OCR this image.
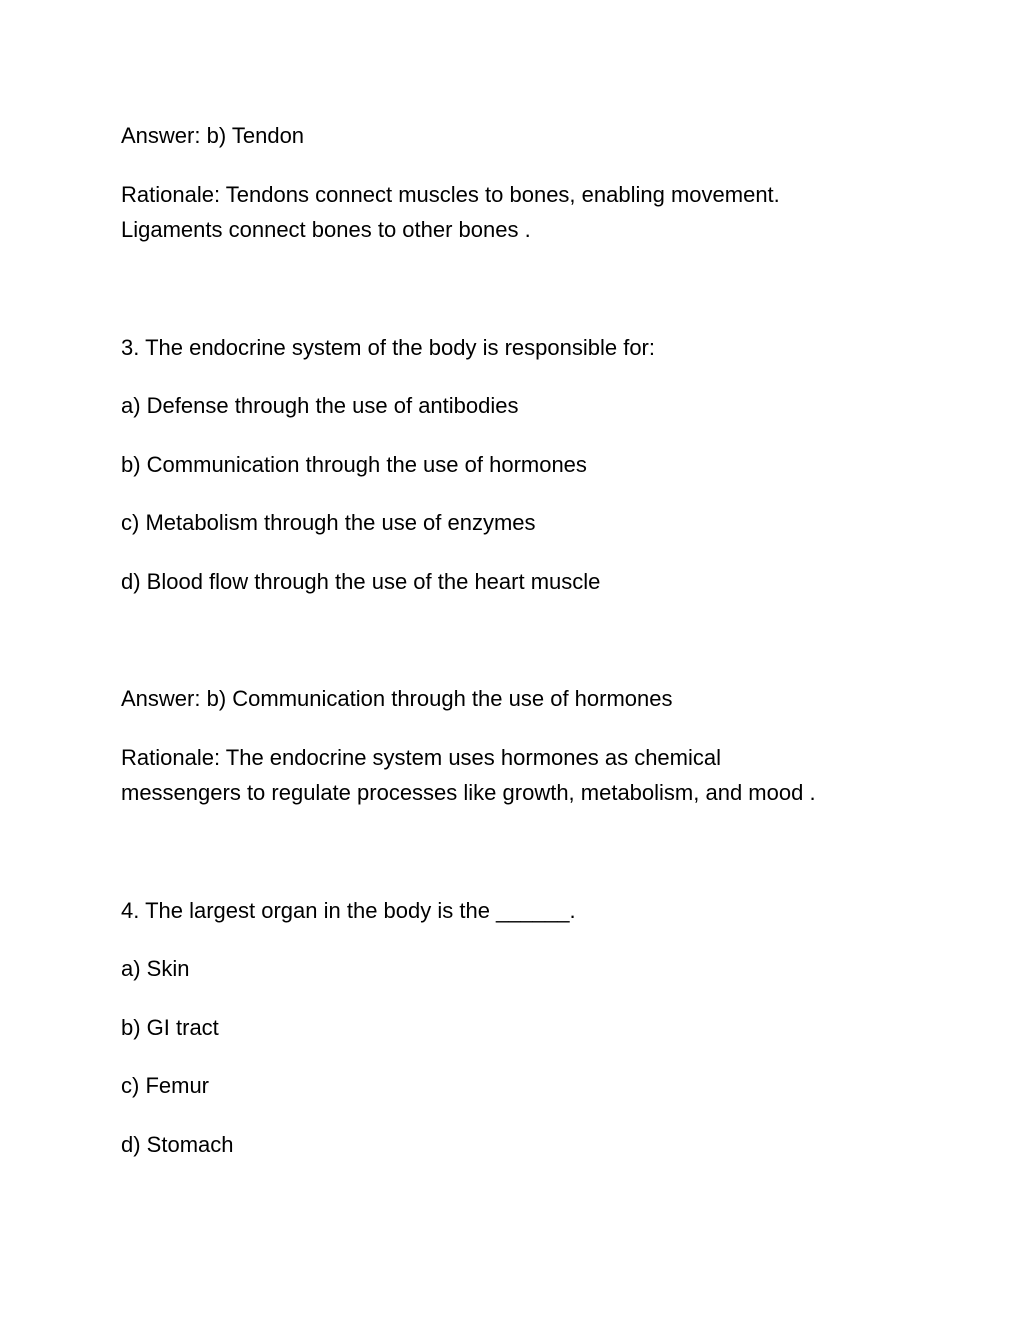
Answer: b) Tendon

Rationale: Tendons connect muscles to bones, enabling movement.

Ligaments connect bones to other bones .

3. The endocrine system of the body is responsible for:

a) Defense through the use of antibodies

b) Communication through the use of hormones

c) Metabolism through the use of enzymes

d) Blood flow through the use of the heart muscle

Answer: b) Communication through the use of hormones

Rationale: The endocrine system uses hormones as chemical

messengers to regulate processes like growth, metabolism, and mood .

4. The largest organ in the body is the ______.

a) Skin

b) GI tract

c) Femur

d) Stomach
